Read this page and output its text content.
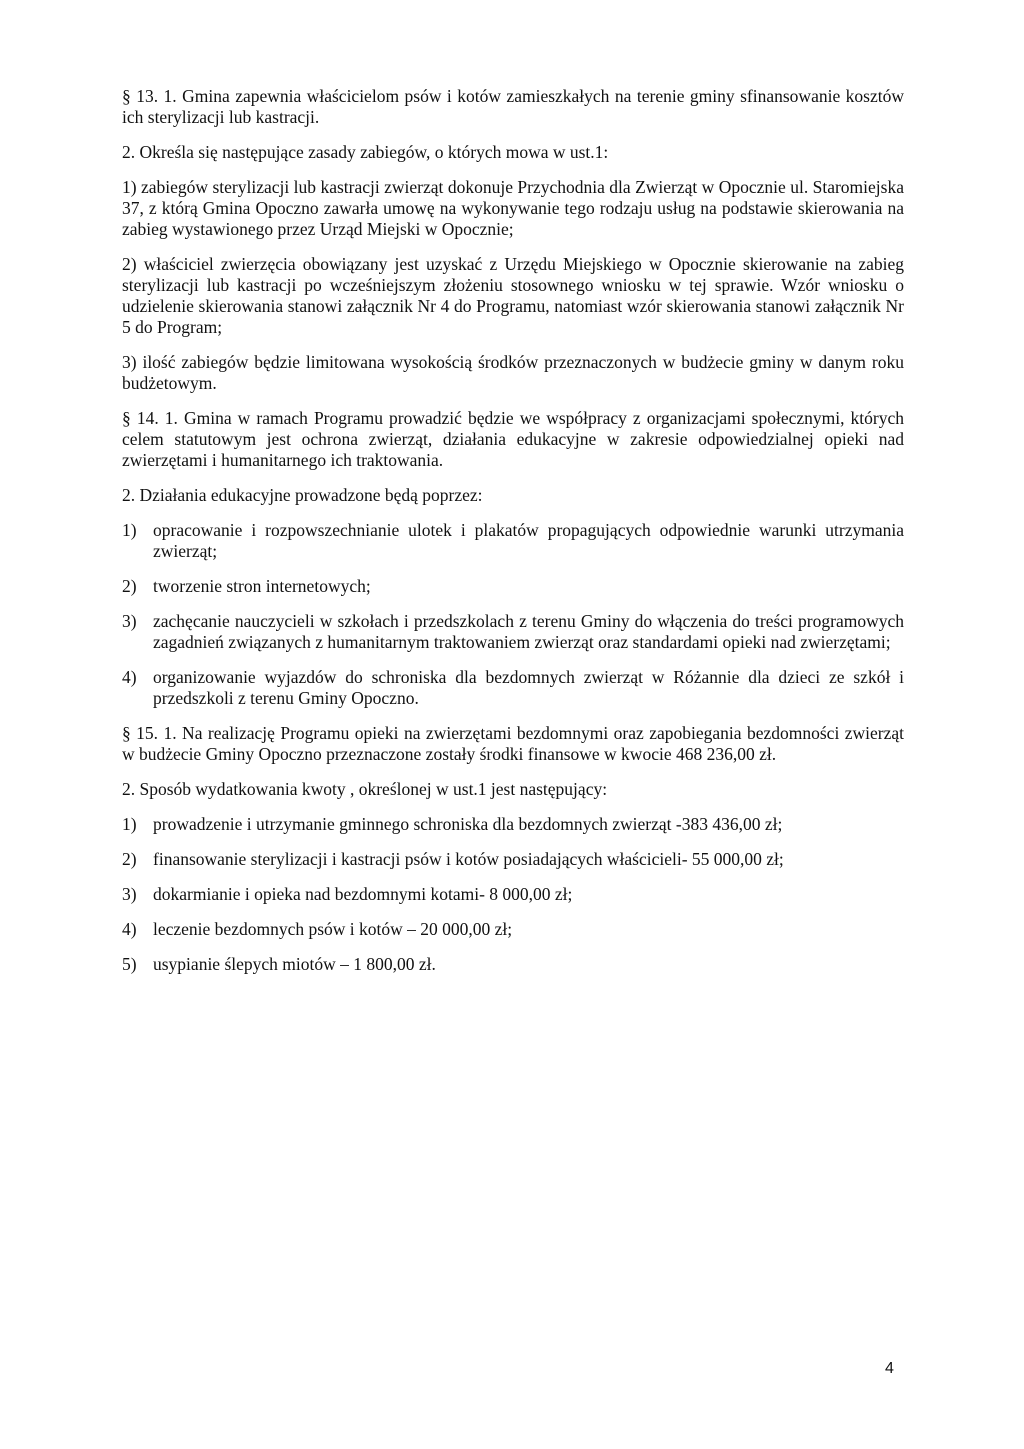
§ 13. 1. Gmina zapewnia właścicielom psów i kotów zamieszkałych na terenie gminy sfinansowanie kosztów ich sterylizacji lub kastracji.

2. Określa się następujące zasady zabiegów, o których mowa w ust.1:

1) zabiegów sterylizacji lub kastracji zwierząt dokonuje Przychodnia dla Zwierząt w Opocznie ul. Staromiejska 37, z którą Gmina Opoczno zawarła umowę na wykonywanie tego rodzaju usług na podstawie skierowania na zabieg wystawionego przez Urząd Miejski w Opocznie;

2) właściciel zwierzęcia obowiązany jest uzyskać z Urzędu Miejskiego w Opocznie skierowanie na zabieg sterylizacji lub kastracji po wcześniejszym złożeniu stosownego wniosku w tej sprawie. Wzór wniosku o udzielenie skierowania stanowi załącznik Nr 4 do Programu, natomiast wzór skierowania stanowi załącznik Nr 5 do Program;

3) ilość zabiegów będzie limitowana wysokością środków przeznaczonych w budżecie gminy w danym roku budżetowym.

§ 14. 1. Gmina w ramach Programu prowadzić będzie we współpracy z organizacjami społecznymi, których celem statutowym jest ochrona zwierząt, działania edukacyjne w zakresie odpowiedzialnej opieki nad zwierzętami i humanitarnego ich traktowania.

2. Działania edukacyjne prowadzone będą poprzez:

1) opracowanie i rozpowszechnianie ulotek i plakatów propagujących odpowiednie warunki utrzymania zwierząt;
2) tworzenie stron internetowych;
3) zachęcanie nauczycieli w szkołach i przedszkolach z terenu Gminy do włączenia do treści programowych zagadnień związanych z humanitarnym traktowaniem zwierząt oraz standardami opieki nad zwierzętami;
4) organizowanie wyjazdów do schroniska dla bezdomnych zwierząt w Różannie dla dzieci ze szkół i przedszkoli z terenu Gminy Opoczno.

§ 15. 1. Na realizację Programu opieki na zwierzętami bezdomnymi oraz zapobiegania bezdomności zwierząt w budżecie Gminy Opoczno przeznaczone zostały środki finansowe w kwocie 468 236,00 zł.

2. Sposób wydatkowania kwoty , określonej w ust.1 jest następujący:

1) prowadzenie i utrzymanie gminnego schroniska dla bezdomnych zwierząt -383 436,00 zł;
2) finansowanie sterylizacji i kastracji psów i kotów posiadających właścicieli- 55 000,00 zł;
3) dokarmianie i opieka nad bezdomnymi kotami- 8 000,00 zł;
4) leczenie bezdomnych psów i kotów – 20 000,00 zł;
5) usypianie ślepych miotów – 1 800,00 zł.
4
